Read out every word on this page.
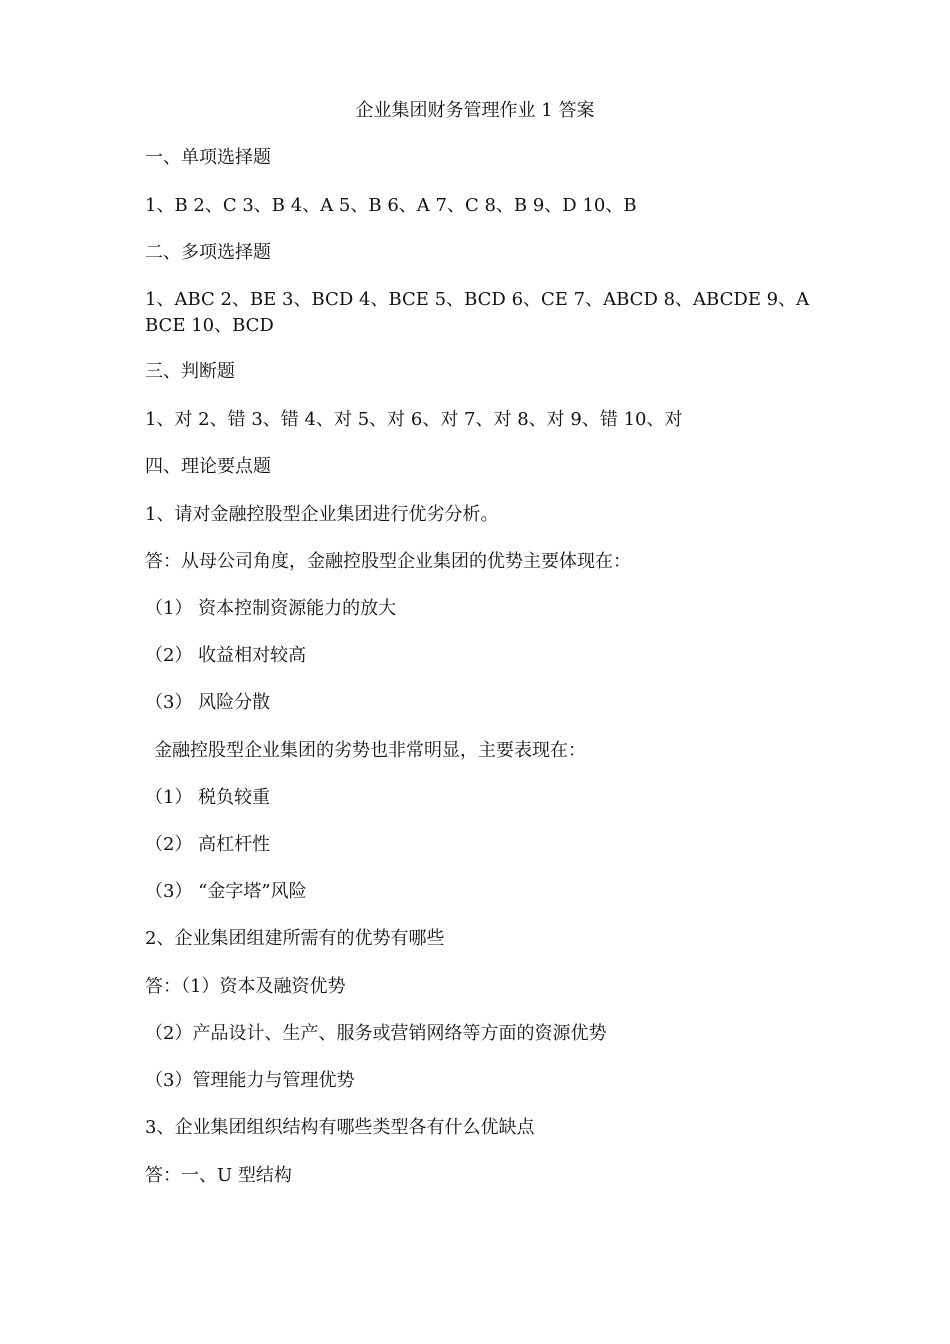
企业集团财务管理作业 1 答案
一、单项选择题
1、B 2、C 3、B 4、A 5、B 6、A 7、C 8、B 9、D 10、B
二、多项选择题
1、ABC 2、BE 3、BCD 4、BCE 5、BCD 6、CE 7、ABCD 8、ABCDE 9、ABCE 10、BCD
三、判断题
1、对 2、错 3、错 4、对 5、对 6、对 7、对 8、对 9、错 10、对
四、理论要点题
1、请对金融控股型企业集团进行优劣分析。
答：从母公司角度，金融控股型企业集团的优势主要体现在：
（1） 资本控制资源能力的放大
（2） 收益相对较高
（3） 风险分散
金融控股型企业集团的劣势也非常明显，主要表现在：
（1） 税负较重
（2） 高杠杆性
（3） “金字塔”风险
2、企业集团组建所需有的优势有哪些
答：（1）资本及融资优势
（2）产品设计、生产、服务或营销网络等方面的资源优势
（3）管理能力与管理优势
3、企业集团组织结构有哪些类型各有什么优缺点
答：一、U 型结构
